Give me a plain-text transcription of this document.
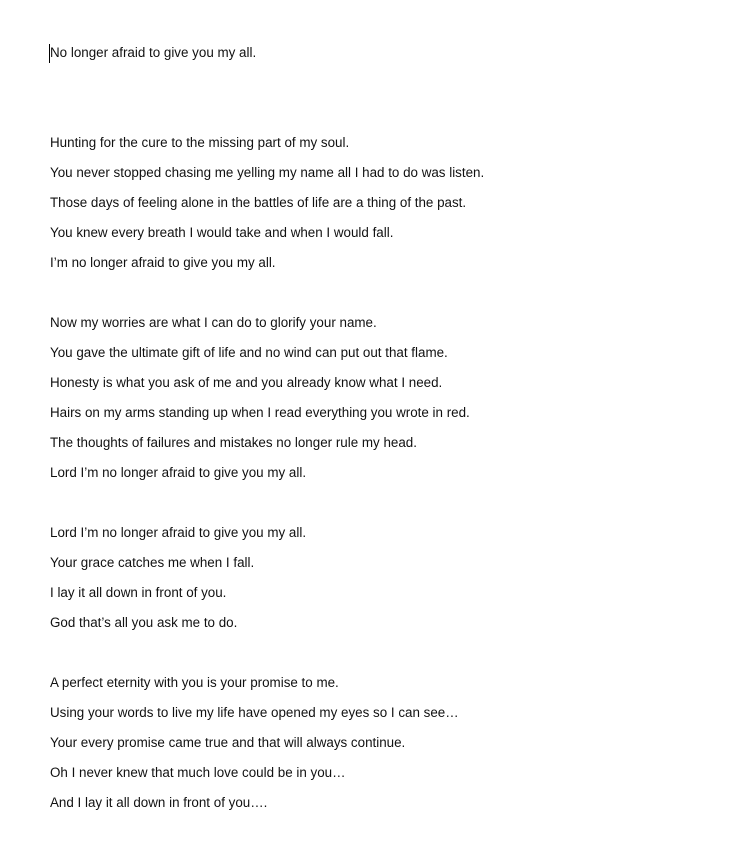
No longer afraid to give you my all.
Hunting for the cure to the missing part of my soul.
You never stopped chasing me yelling my name all I had to do was listen.
Those days of feeling alone in the battles of life are a thing of the past.
You knew every breath I would take and when I would fall.
I’m no longer afraid to give you my all.
Now my worries are what I can do to glorify your name.
You gave the ultimate gift of life and no wind can put out that flame.
Honesty is what you ask of me and you already know what I need.
Hairs on my arms standing up when I read everything you wrote in red.
The thoughts of failures and mistakes no longer rule my head.
Lord I’m no longer afraid to give you my all.
Lord I’m no longer afraid to give you my all.
Your grace catches me when I fall.
I lay it all down in front of you.
God that’s all you ask me to do.
A perfect eternity with you is your promise to me.
Using your words to live my life have opened my eyes so I can see…
Your every promise came true and that will always continue.
Oh I never knew that much love could be in you…
And I lay it all down in front of you….
